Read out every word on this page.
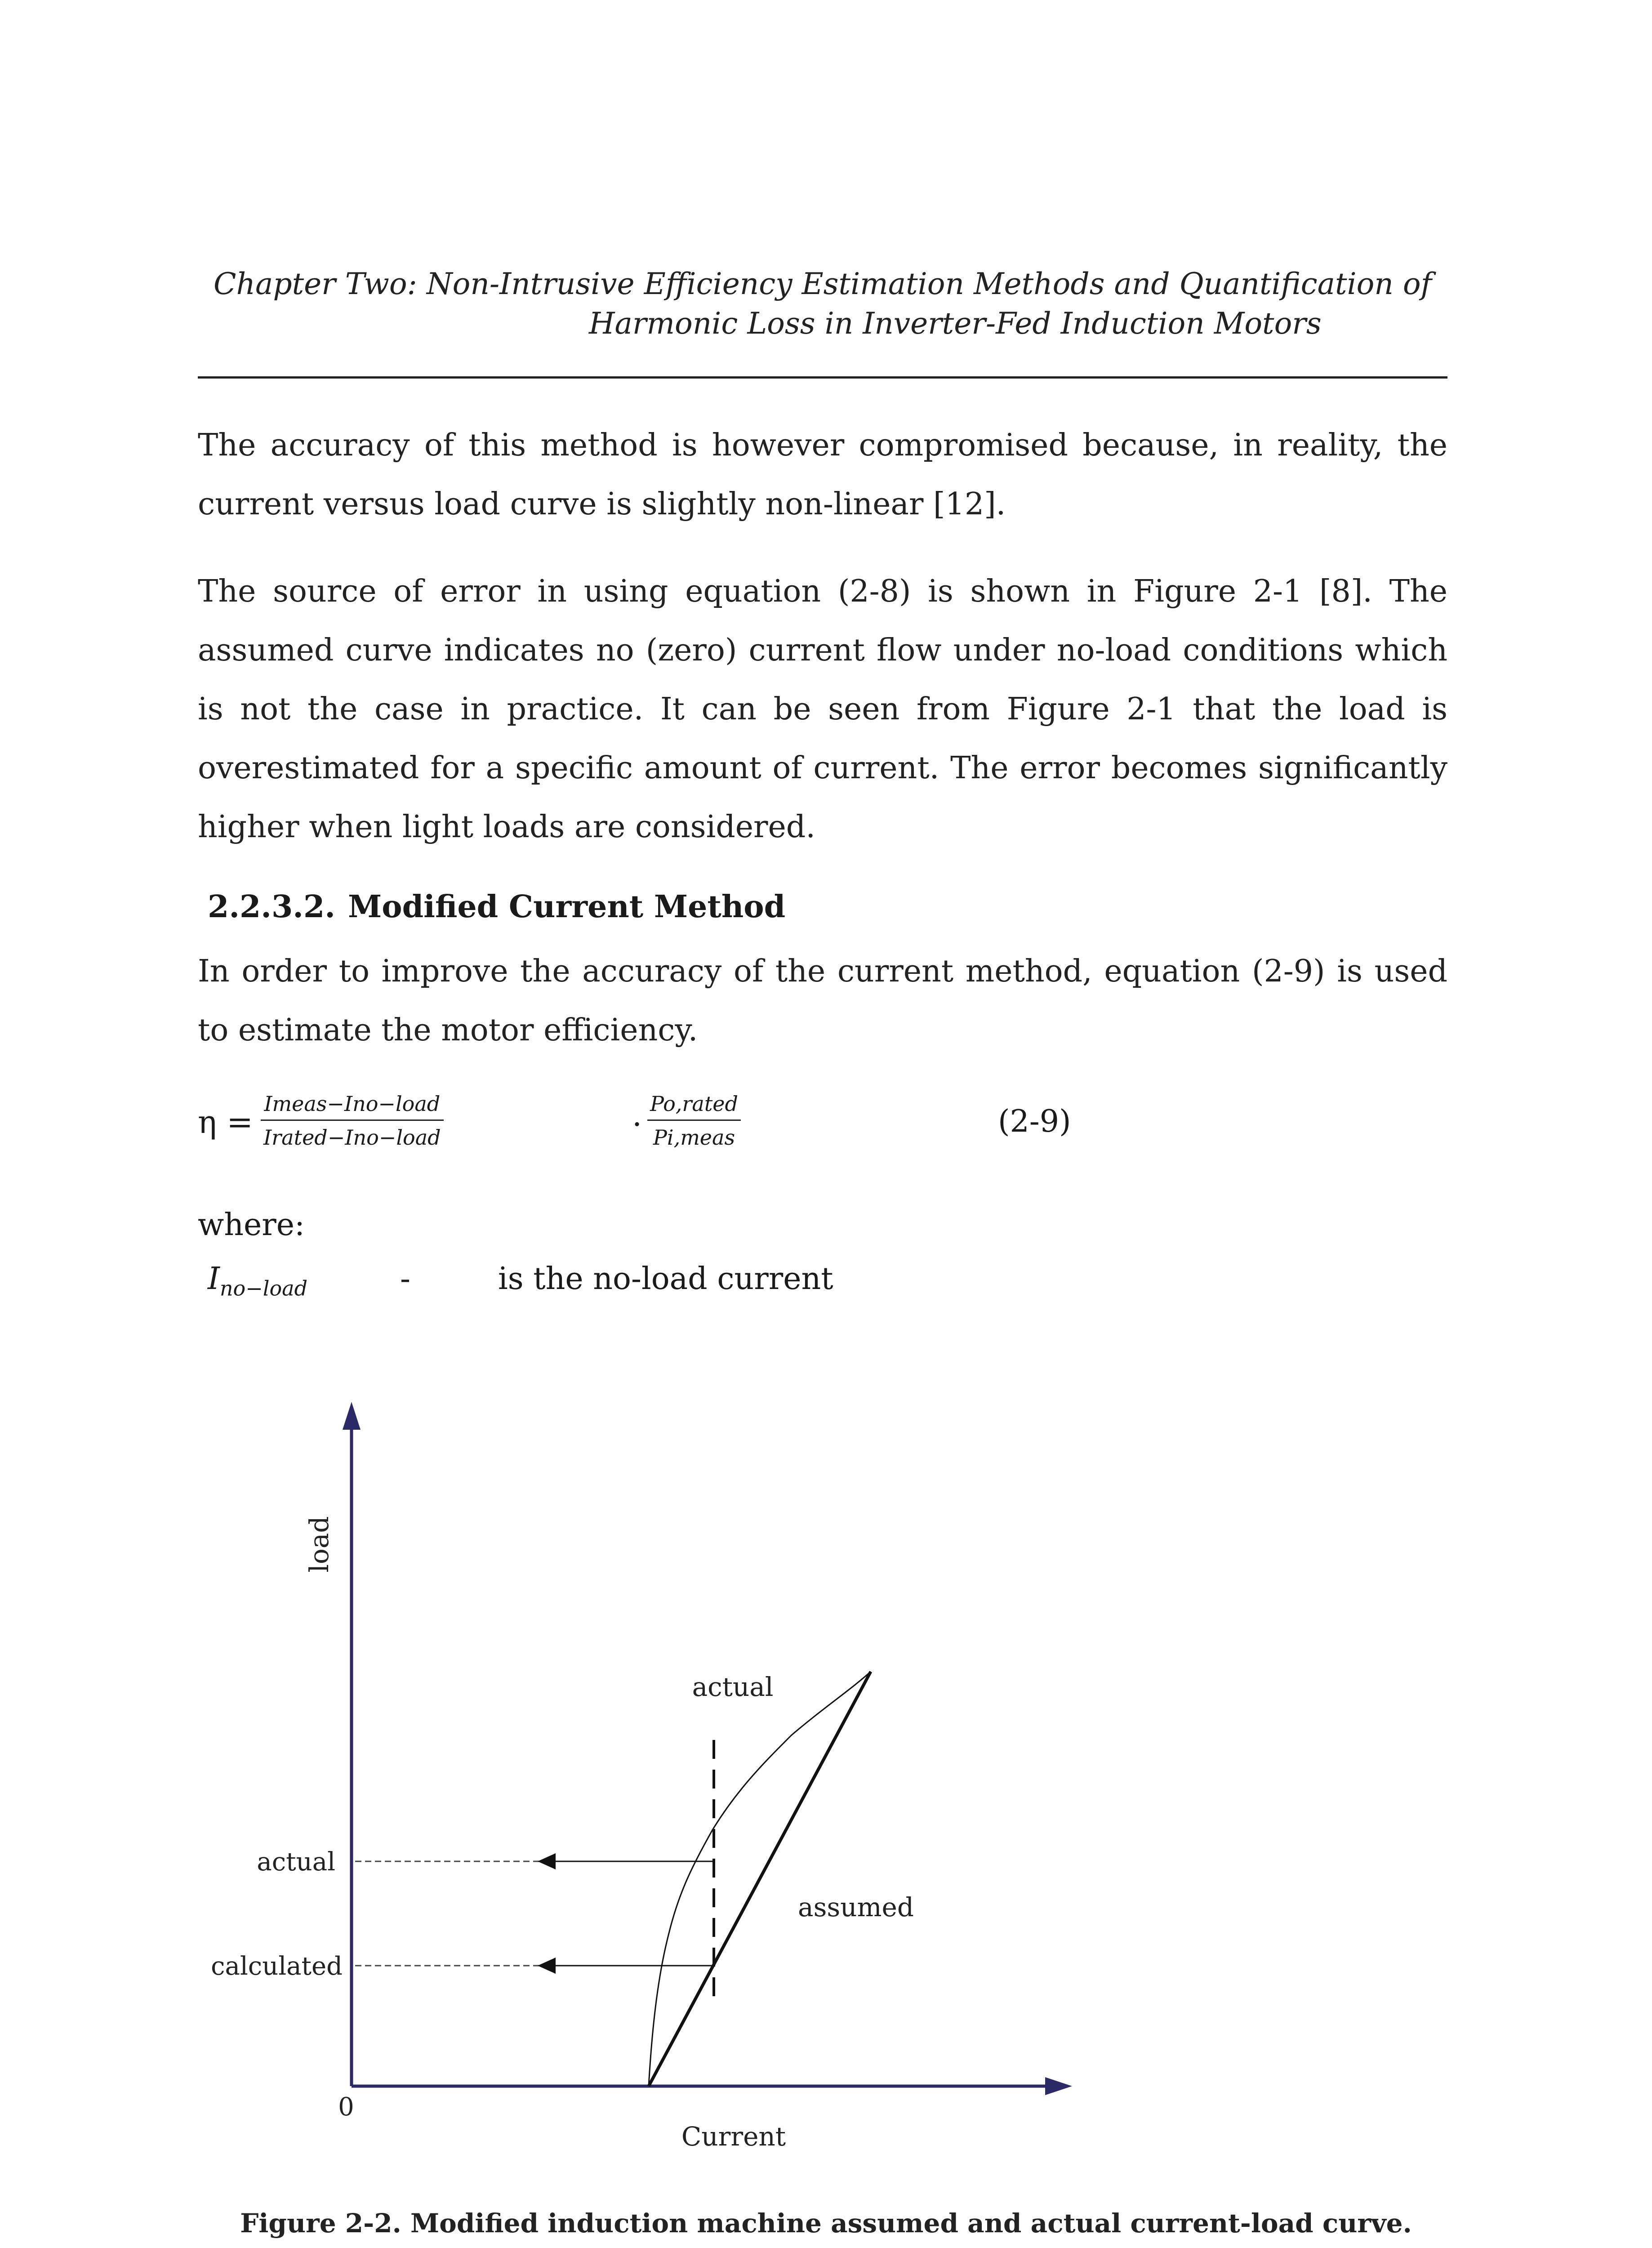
Chapter Two: Non-Intrusive Efficiency Estimation Methods and Quantification of
Harmonic Loss in Inverter-Fed Induction Motors
The accuracy of this method is however compromised because, in reality, the current versus load curve is slightly non-linear [12].
The source of error in using equation (2-8) is shown in Figure 2-1 [8]. The assumed curve indicates no (zero) current flow under no-load conditions which is not the case in practice. It can be seen from Figure 2-1 that the load is overestimated for a specific amount of current. The error becomes significantly higher when light loads are considered.
2.2.3.2. Modified Current Method
In order to improve the accuracy of the current method, equation (2-9) is used to estimate the motor efficiency.
η = Imeas−Ino−load
Irated−Ino−load	·
Po,rated
Pi,meas	(2-9)
where:
$I_{no-load}$	-	is the no-load current
load
Current
0
actual
assumed
actual
calculated
Figure 2-2. Modified induction machine assumed and actual current-load curve.
